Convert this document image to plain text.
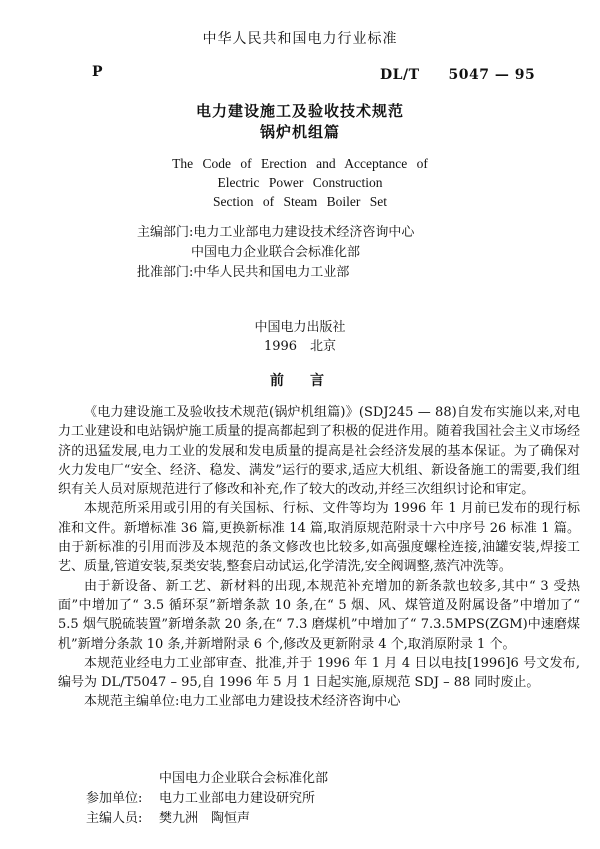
中华人民共和国电力行业标准
P	DL/T　　5047 — 95
电力建设施工及验收技术规范
锅炉机组篇
The Code of Erection and Acceptance of
Electric Power Construction
Section of Steam Boiler Set
主编部门:电力工业部电力建设技术经济咨询中心
中国电力企业联合会标准化部
批准部门:中华人民共和国电力工业部
中国电力出版社
1996　北京
前　言

《电力建设施工及验收技术规范(锅炉机组篇)》(SDJ245 — 88)自发布实施以来,对电力工业建设和电站锅炉施工质量的提高都起到了积极的促进作用。随着我国社会主义市场经济的迅猛发展,电力工业的发展和发电质量的提高是社会经济发展的基本保证。为了确保对火力发电厂“安全、经济、稳发、满发”运行的要求,适应大机组、新设备施工的需要,我们组织有关人员对原规范进行了修改和补充,作了较大的改动,并经三次组织讨论和审定。

本规范所采用或引用的有关国标、行标、文件等均为 1996 年 1 月前已发布的现行标准和文件。新增标准 36 篇,更换新标准 14 篇,取消原规范附录十六中序号 26 标准 1 篇。由于新标准的引用而涉及本规范的条文修改也比较多,如高强度螺栓连接,油罐安装,焊接工艺、质量,管道安装,泵类安装,整套启动试运,化学清洗,安全阀调整,蒸汽冲洗等。

由于新设备、新工艺、新材料的出现,本规范补充增加的新条款也较多,其中“ 3 受热面”中增加了“ 3.5 循环泵”新增条款 10 条,在“ 5 烟、风、煤管道及附属设备”中增加了“ 5.5 烟气脱硫装置”新增条款 20 条,在“ 7.3 磨煤机”中增加了“ 7.3.5MPS(ZGM)中速磨煤机”新增分条款 10 条,并新增附录 6 个,修改及更新附录 4 个,取消原附录 1 个。

本规范业经电力工业部审查、批准,并于 1996 年 1 月 4 日以电技[1996]6 号文发布,编号为 DL/T5047 – 95,自 1996 年 5 月 1 日起实施,原规范 SDJ – 88 同时废止。

本规范主编单位:电力工业部电力建设技术经济咨询中心

中国电力企业联合会标准化部
参加单位: 电力工业部电力建设研究所
主编人员: 樊九洲　陶恒声
